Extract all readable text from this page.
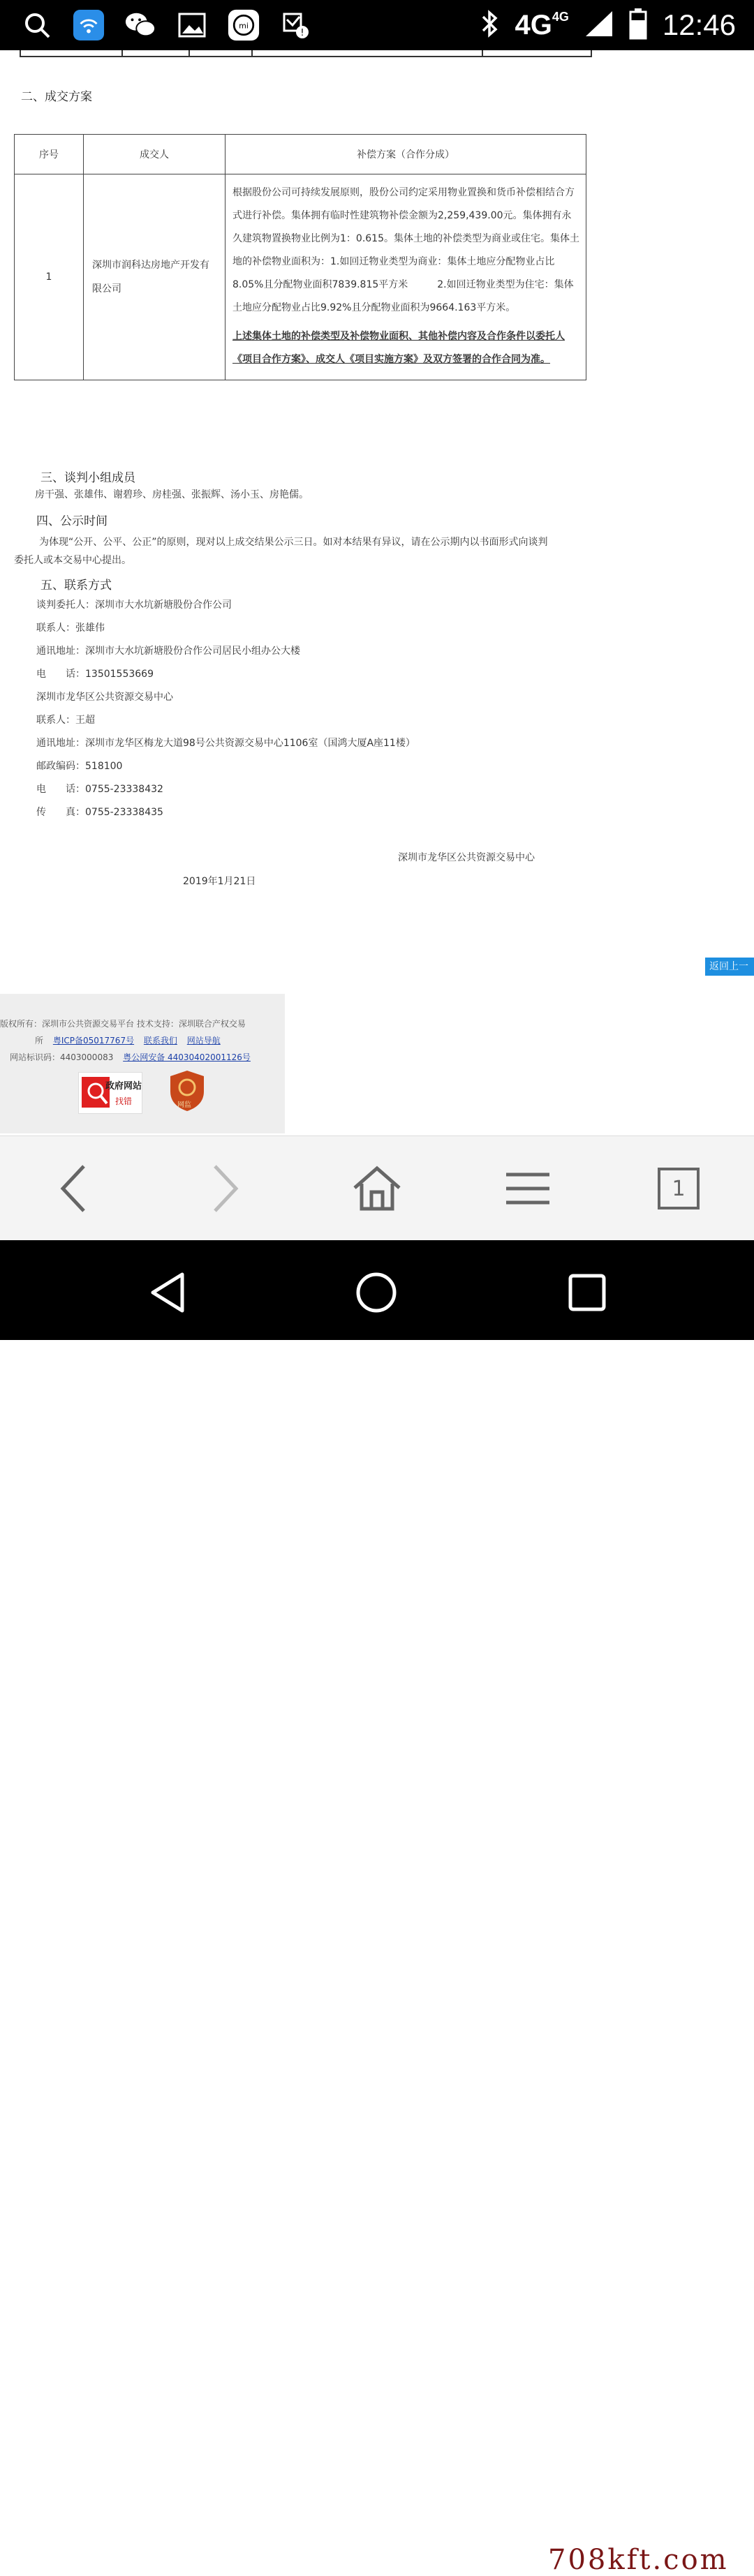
mi
!	$4G^{4G}$	12:46
二、成交方案
序号	成交人	补偿方案（合作分成）
1	深圳市润科达房地产开发有限公司	根据股份公司可持续发展原则，股份公司约定采用物业置换和货币补偿相结合方式进行补偿。集体拥有临时性建筑物补偿金额为2,259,439.00元。集体拥有永久建筑物置换物业比例为1：0.615。集体土地的补偿类型为商业或住宅。集体土地的补偿物业面积为：1.如回迁物业类型为商业：集体土地应分配物业占比8.05%且分配物业面积7839.815平方米　　　2.如回迁物业类型为住宅：集体土地应分配物业占比9.92%且分配物业面积为9664.163平方米。
上述集体土地的补偿类型及补偿物业面积、其他补偿内容及合作条件以委托人《项目合作方案》、成交人《项目实施方案》及双方签署的合作合同为准。
三、谈判小组成员
房干强、张雄伟、谢碧珍、房桂强、张振辉、汤小玉、房艳儒。
四、公示时间
为体现“公开、公平、公正”的原则，现对以上成交结果公示三日。如对本结果有异议，请在公示期内以书面形式向谈判委托人或本交易中心提出。
五、联系方式
谈判委托人：深圳市大水坑新塘股份合作公司
联系人：张雄伟
通讯地址：深圳市大水坑新塘股份合作公司居民小组办公大楼
电　　话：13501553669
深圳市龙华区公共资源交易中心
联系人：王超
通讯地址：深圳市龙华区梅龙大道98号公共资源交易中心1106室（国鸿大厦A座11楼）
邮政编码：518100
电　　话：0755-23338432
传　　真：0755-23338435
深圳市龙华区公共资源交易中心
2019年1月21日
返回上一
版权所有：深圳市公共资源交易平台 技术支持：深圳联合产权交易
所 粤ICP备05017767号 联系我们 网站导航
网站标识码：4403000083 粤公网安备 44030402001126号
政府网站
找错	网监
1
深圳小产权信息网
708kft.com
